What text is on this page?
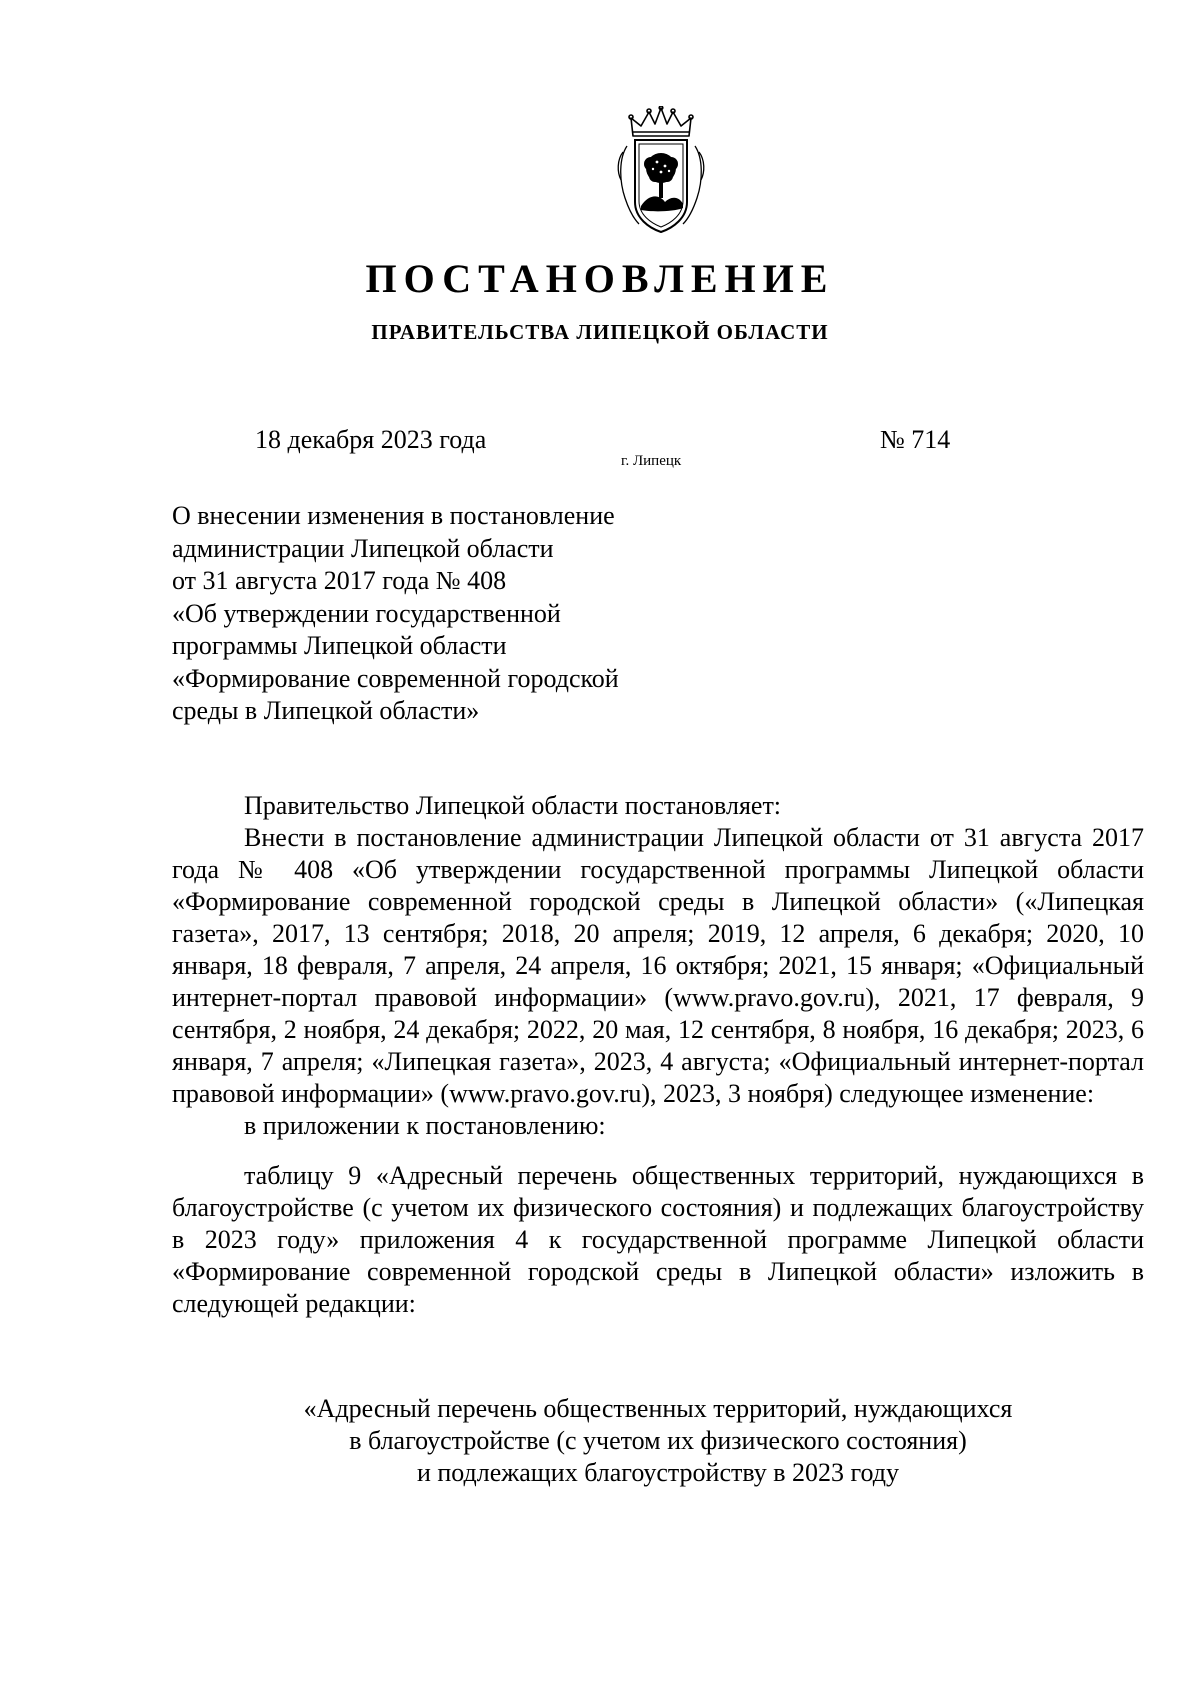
ПОСТАНОВЛЕНИЕ
ПРАВИТЕЛЬСТВА ЛИПЕЦКОЙ ОБЛАСТИ
18 декабря 2023 года
г. Липецк
№ 714
О внесении изменения в постановление
администрации Липецкой области
от 31 августа 2017 года № 408
«Об утверждении государственной
программы Липецкой области
«Формирование современной городской
среды в Липецкой области»

Правительство Липецкой области постановляет:

Внести в постановление администрации Липецкой области от 31 августа 2017 года № 408 «Об утверждении государственной программы Липецкой области «Формирование современной городской среды в Липецкой области» («Липецкая газета», 2017, 13 сентября; 2018, 20 апреля; 2019, 12 апреля, 6 декабря; 2020, 10 января, 18 февраля, 7 апреля, 24 апреля, 16 октября; 2021, 15 января; «Официальный интернет-портал правовой информации» (www.pravo.gov.ru), 2021, 17 февраля, 9 сентября, 2 ноября, 24 декабря; 2022, 20 мая, 12 сентября, 8 ноября, 16 декабря; 2023, 6 января, 7 апреля; «Липецкая газета», 2023, 4 августа; «Официальный интернет-портал правовой информации» (www.pravo.gov.ru), 2023, 3 ноября) следующее изменение:

в приложении к постановлению:

таблицу 9 «Адресный перечень общественных территорий, нуждающихся в благоустройстве (с учетом их физического состояния) и подлежащих благоустройству в 2023 году» приложения 4 к государственной программе Липецкой области «Формирование современной городской среды в Липецкой области» изложить в следующей редакции:

«Адресный перечень общественных территорий, нуждающихся
в благоустройстве (с учетом их физического состояния)
и подлежащих благоустройству в 2023 году
